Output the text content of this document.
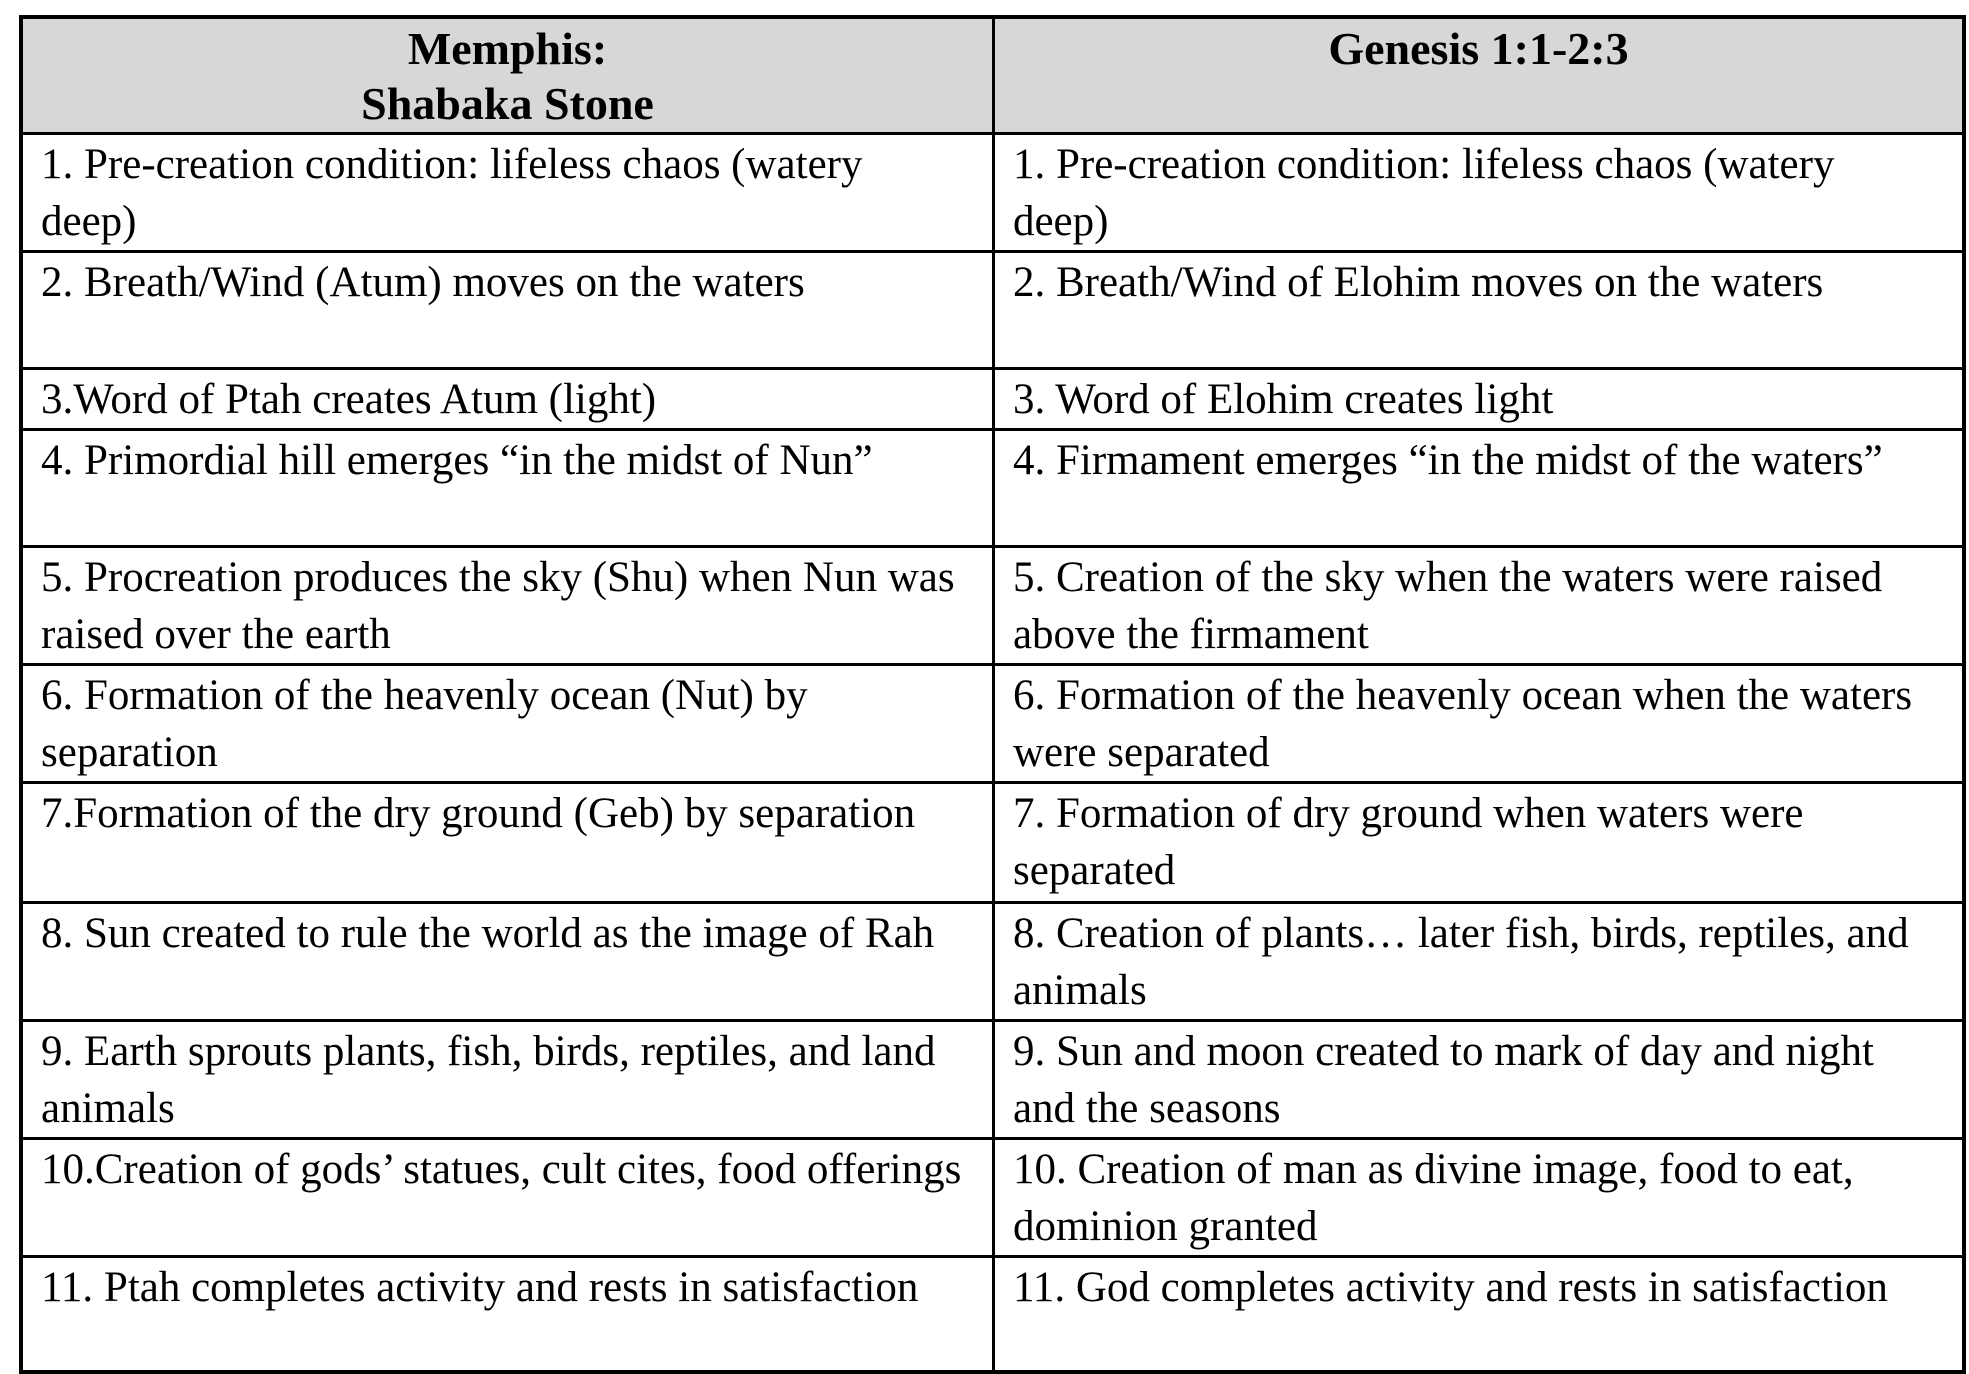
Memphis:
Shabaka Stone	Genesis 1:1-2:3

1. Pre-creation condition: lifeless chaos (watery deep)	1. Pre-creation condition: lifeless chaos (watery deep)
2. Breath/Wind (Atum) moves on the waters	2. Breath/Wind of Elohim moves on the waters
3.Word of Ptah creates Atum (light)	3. Word of Elohim creates light
4. Primordial hill emerges “in the midst of Nun”	4. Firmament emerges “in the midst of the waters”
5. Procreation produces the sky (Shu) when Nun was raised over the earth	5. Creation of the sky when the waters were raised above the firmament
6. Formation of the heavenly ocean (Nut) by separation	6. Formation of the heavenly ocean when the waters were separated
7.Formation of the dry ground (Geb) by separation	7. Formation of dry ground when waters were separated
8. Sun created to rule the world as the image of Rah	8. Creation of plants… later fish, birds, reptiles, and animals
9. Earth sprouts plants, fish, birds, reptiles, and land animals	9. Sun and moon created to mark of day and night and the seasons
10.Creation of gods’ statues, cult cites, food offerings	10. Creation of man as divine image, food to eat, dominion granted
11. Ptah completes activity and rests in satisfaction	11. God completes activity and rests in satisfaction
